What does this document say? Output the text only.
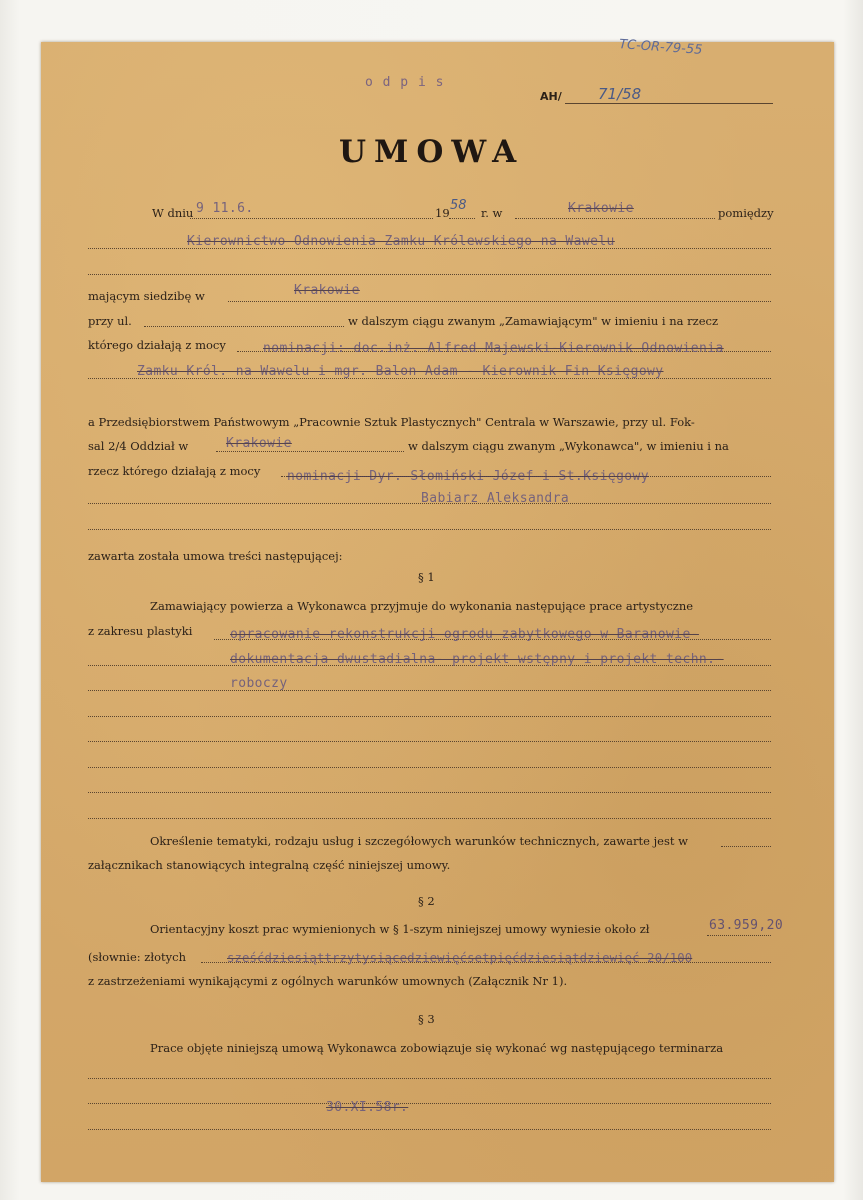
TC-OR-79-55
o d p i s
AH/ 71/58
UMOWA
W dniu 9 11.6.	19 58 r. w	Krakowie	pomiędzy
Kierownictwo Odnowienia Zamku Królewskiego na Wawelu
mającym siedzibę w	Krakowie
przy ul.	w dalszym ciągu zwanym „Zamawiającym" w imieniu i na rzecz
którego działają z mocy	nominacji: doc.inż. Alfred Majewski-Kierownik Odnowienia
Zamku Król. na Wawelu i mgr. Balon Adam - Kierownik Fin-Księgowy
a Przedsiębiorstwem Państwowym „Pracownie Sztuk Plastycznych" Centrala w Warszawie, przy ul. Fok-
sal 2/4 Oddział w	Krakowie	w dalszym ciągu zwanym „Wykonawca", w imieniu i na
rzecz którego działają z mocy nominacji Dyr. Słomiński Józef i St.Księgowy
Babiarz Aleksandra
zawarta została umowa treści następującej:
§ 1
Zamawiający powierza a Wykonawca przyjmuje do wykonania następujące prace artystyczne
z zakresu plastyki	opracowanie rekonstrukcji ogrodu zabytkowego w Baranowie-
dokumentacja dwustadialna- projekt wstępny i projekt techn.-
roboczy
Określenie tematyki, rodzaju usług i szczegółowych warunków technicznych, zawarte jest w
załącznikach stanowiących integralną część niniejszej umowy.
§ 2
Orientacyjny koszt prac wymienionych w § 1-szym niniejszej umowy wyniesie około zł	63.959,20
(słownie: złotych	sześćdziesiąttrzytysiącedziewięćsetpięćdziesiątdziewięć 20/100
z zastrzeżeniami wynikającymi z ogólnych warunków umownych (Załącznik Nr 1).
§ 3
Prace objęte niniejszą umową Wykonawca zobowiązuje się wykonać wg następującego terminarza
30.XI.58r.
